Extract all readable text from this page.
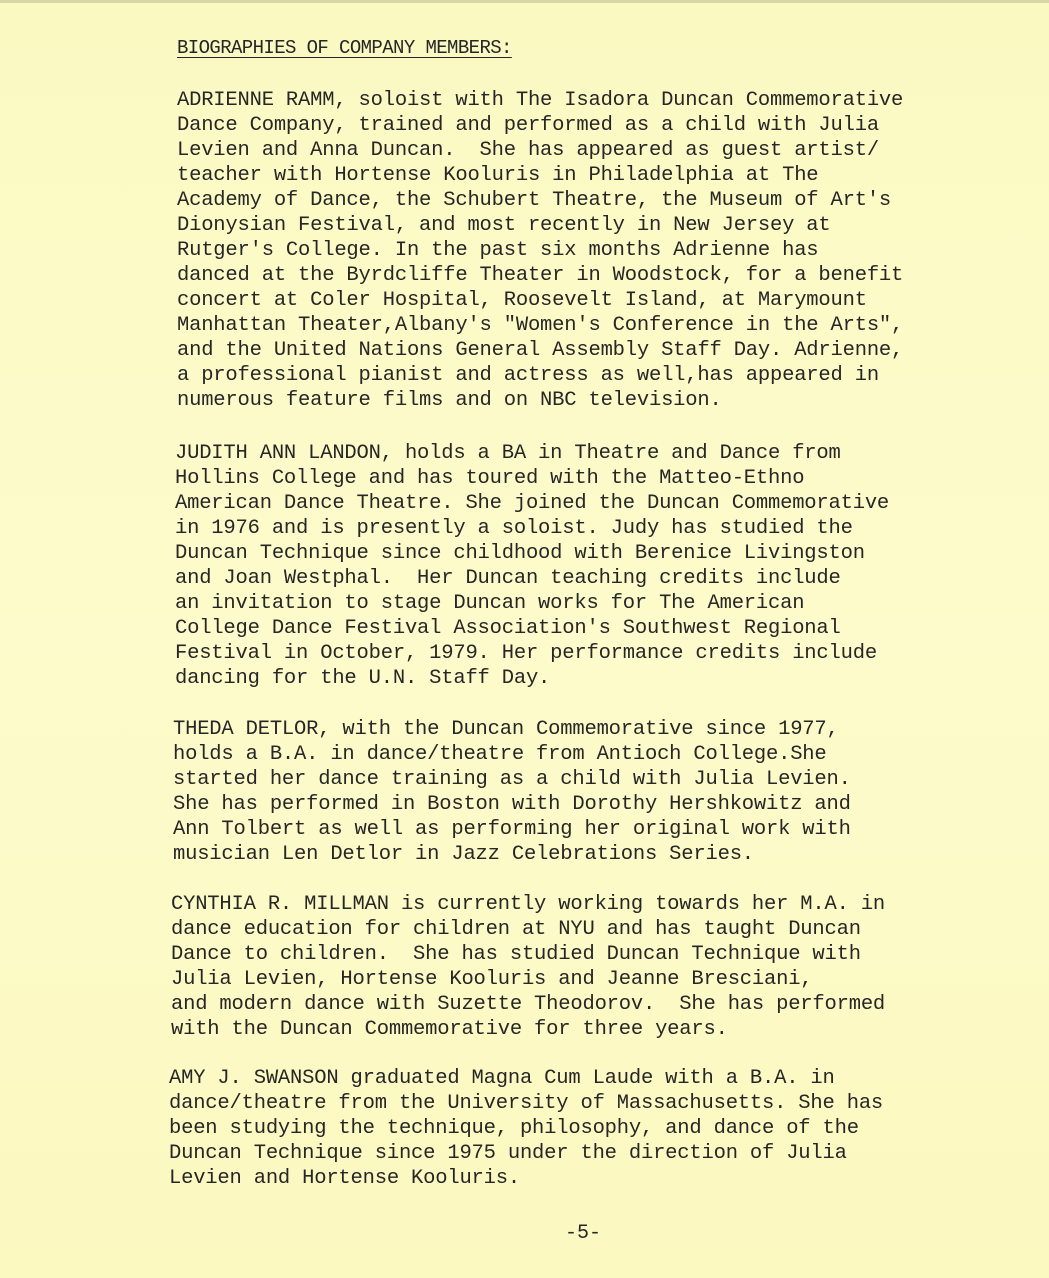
BIOGRAPHIES OF COMPANY MEMBERS:
ADRIENNE RAMM, soloist with The Isadora Duncan Commemorative
Dance Company, trained and performed as a child with Julia
Levien and Anna Duncan.  She has appeared as guest artist/
teacher with Hortense Kooluris in Philadelphia at The
Academy of Dance, the Schubert Theatre, the Museum of Art's
Dionysian Festival, and most recently in New Jersey at
Rutger's College. In the past six months Adrienne has
danced at the Byrdcliffe Theater in Woodstock, for a benefit
concert at Coler Hospital, Roosevelt Island, at Marymount
Manhattan Theater,Albany's "Women's Conference in the Arts",
and the United Nations General Assembly Staff Day. Adrienne,
a professional pianist and actress as well,has appeared in
numerous feature films and on NBC television.
JUDITH ANN LANDON, holds a BA in Theatre and Dance from
Hollins College and has toured with the Matteo-Ethno
American Dance Theatre. She joined the Duncan Commemorative
in 1976 and is presently a soloist. Judy has studied the
Duncan Technique since childhood with Berenice Livingston
and Joan Westphal.  Her Duncan teaching credits include
an invitation to stage Duncan works for The American
College Dance Festival Association's Southwest Regional
Festival in October, 1979. Her performance credits include
dancing for the U.N. Staff Day.
THEDA DETLOR, with the Duncan Commemorative since 1977,
holds a B.A. in dance/theatre from Antioch College.She
started her dance training as a child with Julia Levien.
She has performed in Boston with Dorothy Hershkowitz and
Ann Tolbert as well as performing her original work with
musician Len Detlor in Jazz Celebrations Series.
CYNTHIA R. MILLMAN is currently working towards her M.A. in
dance education for children at NYU and has taught Duncan
Dance to children.  She has studied Duncan Technique with
Julia Levien, Hortense Kooluris and Jeanne Bresciani,
and modern dance with Suzette Theodorov.  She has performed
with the Duncan Commemorative for three years.
AMY J. SWANSON graduated Magna Cum Laude with a B.A. in
dance/theatre from the University of Massachusetts. She has
been studying the technique, philosophy, and dance of the
Duncan Technique since 1975 under the direction of Julia
Levien and Hortense Kooluris.
-5-
